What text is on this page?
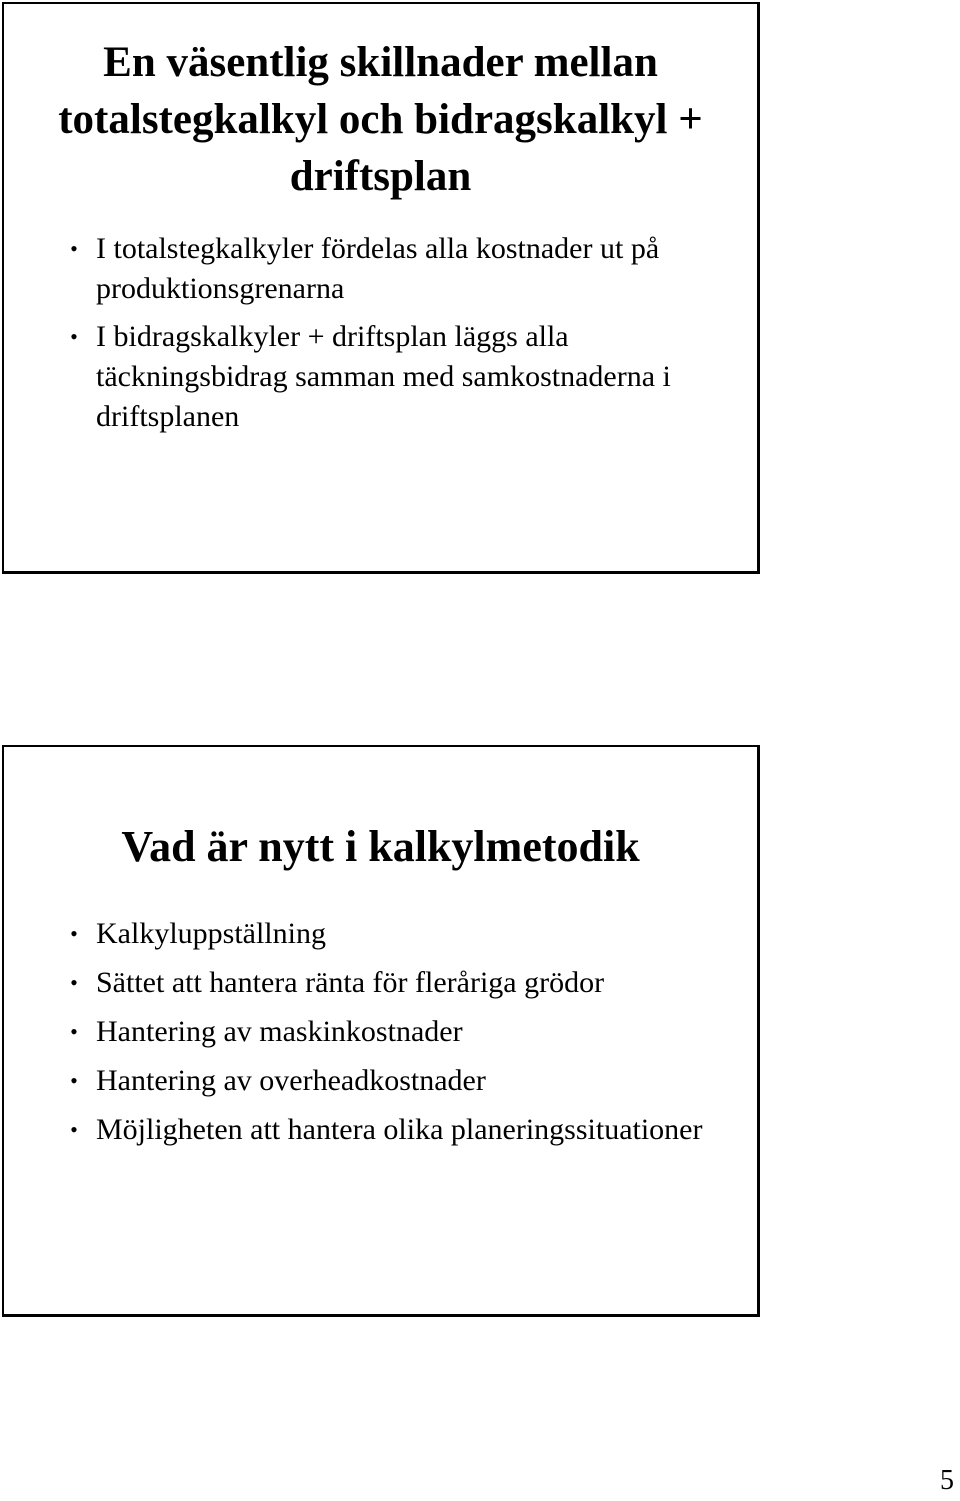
En väsentlig skillnader mellan totalstegkalkyl och bidragskalkyl + driftsplan
• I totalstegkalkyler fördelas alla kostnader ut på produktionsgrenarna
• I bidragskalkyler + driftsplan läggs alla täckningsbidrag samman med samkostnaderna i driftsplanen
Vad är nytt i kalkylmetodik
• Kalkyluppställning
• Sättet att hantera ränta för fleråriga grödor
• Hantering av maskinkostnader
• Hantering av overheadkostnader
• Möjligheten att hantera olika planeringssituationer
5
